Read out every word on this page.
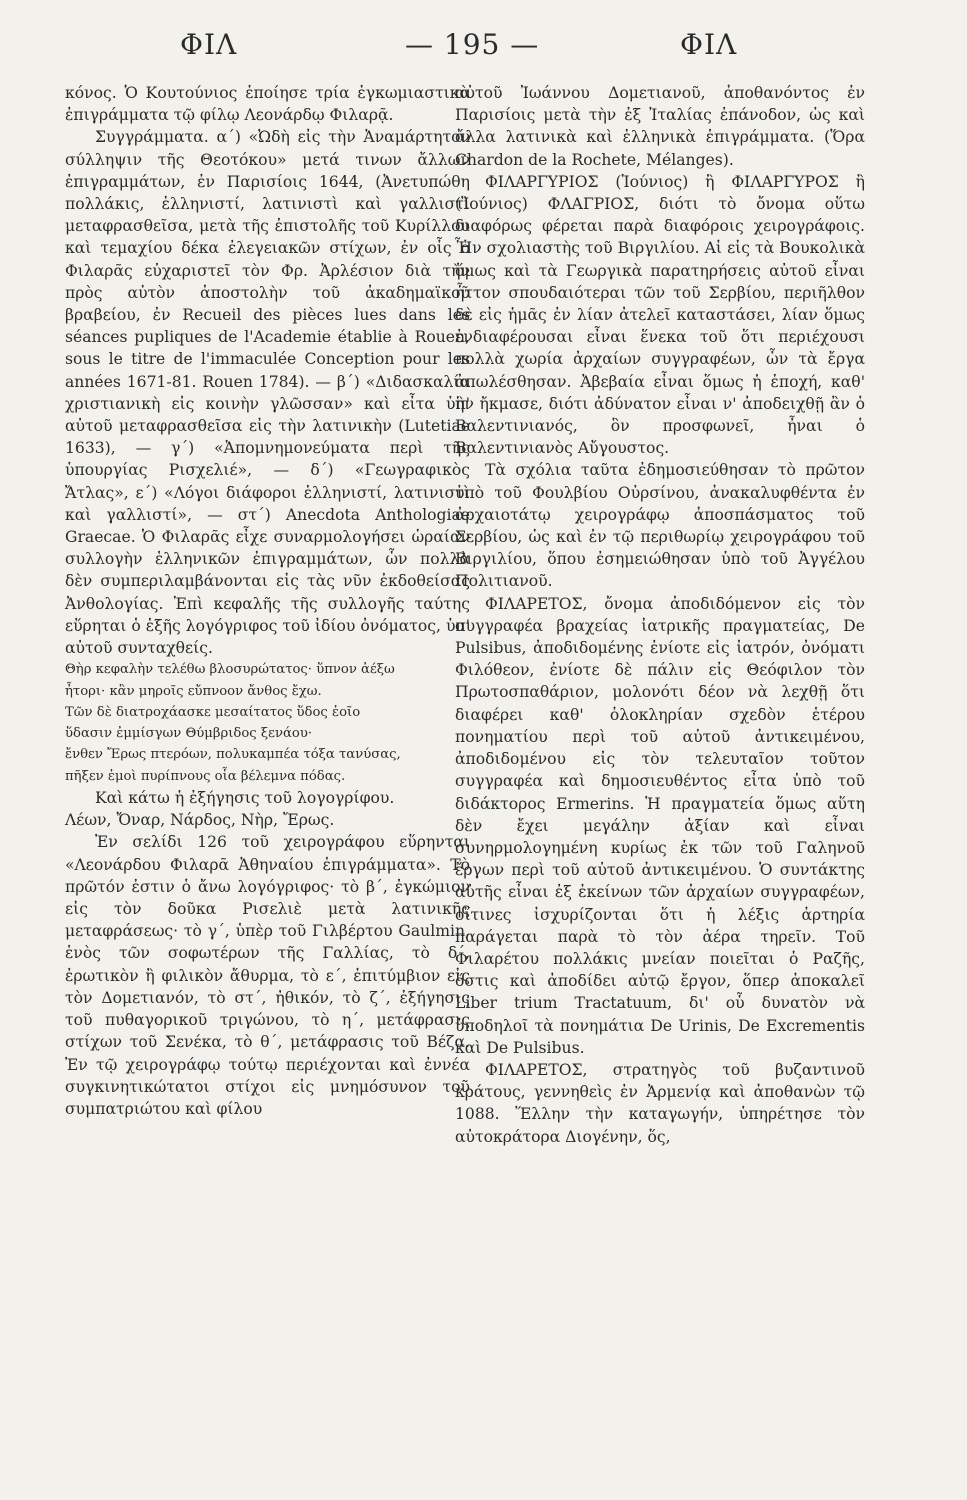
ΦΙΛ	— 195 —	ΦΙΛ

κόνος. Ὁ Κουτούνιος ἐποίησε τρία ἐγκωμιαστικὰ ἐπιγράμματα τῷ φίλῳ Λεονάρδῳ Φιλαρᾷ.

Συγγράμματα. α΄) «Ὠδὴ εἰς τὴν Ἀναμάρτητον σύλληψιν τῆς Θεοτόκου» μετά τινων ἄλλων ἐπιγραμμάτων, ἐν Παρισίοις 1644, (Ἀνετυπώθη πολλάκις, ἑλληνιστί, λατινιστὶ καὶ γαλλιστὶ μεταφρασθεῖσα, μετὰ τῆς ἐπιστολῆς τοῦ Κυρίλλου καὶ τεμαχίου δέκα ἐλεγειακῶν στίχων, ἐν οἷς ὁ Φιλαρᾶς εὐχαριστεῖ τὸν Φρ. Ἀρλέσιον διὰ τὴν πρὸς αὐτὸν ἀποστολὴν τοῦ ἀκαδημαϊκοῦ βραβείου, ἐν Recueil des pièces lues dans les séances pupliques de l'Academie établie à Rouen, sous le titre de l'immaculée Conception pour les années 1671-81. Rouen 1784). — β΄) «Διδασκαλία χριστιανικὴ εἰς κοινὴν γλῶσσαν» καὶ εἶτα ὑπ' αὐτοῦ μεταφρασθεῖσα εἰς τὴν λατινικὴν (Lutetiae 1633), — γ΄) «Ἀπομνημονεύματα περὶ τῆς ὑπουργίας Ρισχελιέ», — δ΄) «Γεωγραφικὸς Ἄτλας», ε΄) «Λόγοι διάφοροι ἑλληνιστί, λατινιστὶ καὶ γαλλιστί», — στ΄) Anecdota Anthologiae Graecae. Ὁ Φιλαρᾶς εἶχε συναρμολογήσει ὡραίαν συλλογὴν ἑλληνικῶν ἐπιγραμμάτων, ὧν πολλὰ δὲν συμπεριλαμβάνονται εἰς τὰς νῦν ἐκδοθείσας Ἀνθολογίας. Ἐπὶ κεφαλῆς τῆς συλλογῆς ταύτης εὕρηται ὁ ἑξῆς λογόγριφος τοῦ ἰδίου ὀνόματος, ὑπ' αὐτοῦ συνταχθείς.

Θὴρ κεφαλὴν τελέθω βλοσυρώτατος· ὕπνον ἀέξω
ἦτορι· κἂν μηροῖς εὔπνοον ἄνθος ἔχω.
Τῶν δὲ διατροχάασκε μεσαίτατος ὕδος ἐοῖο
ὕδασιν ἐμμίσγων Θύμβριδος ξενάου·
ἔνθεν Ἔρως πτερόων, πολυκαμπέα τόξα τανύσας,
πῆξεν ἐμοὶ πυρίπνους οἷα βέλεμνα πόδας.

Καὶ κάτω ἡ ἐξήγησις τοῦ λογογρίφου.

Λέων, Ὄναρ, Νάρδος, Νὴρ, Ἔρως.

Ἐν σελίδι 126 τοῦ χειρογράφου εὕρηνται «Λεονάρδου Φιλαρᾶ Ἀθηναίου ἐπιγράμματα». Τὸ πρῶτόν ἐστιν ὁ ἄνω λογόγριφος· τὸ β΄, ἐγκώμιον εἰς τὸν δοῦκα Ρισελιὲ μετὰ λατινικῆς μεταφράσεως· τὸ γ΄, ὑπὲρ τοῦ Γιλβέρτου Gaulmin, ἑνὸς τῶν σοφωτέρων τῆς Γαλλίας, τὸ δ΄, ἐρωτικὸν ἢ φιλικὸν ἄθυρμα, τὸ ε΄, ἐπιτύμβιον εἰς τὸν Δομετιανόν, τὸ στ΄, ἠθικόν, τὸ ζ΄, ἐξήγησις τοῦ πυθαγορικοῦ τριγώνου, τὸ η΄, μετάφρασις στίχων τοῦ Σενέκα, τὸ θ΄, μετάφρασις τοῦ Βέζα. Ἐν τῷ χειρογράφῳ τούτῳ περιέχονται καὶ ἐννέα συγκινητικώτατοι στίχοι εἰς μνημόσυνον τοῦ συμπατριώτου καὶ φίλου

αὐτοῦ Ἰωάννου Δομετιανοῦ, ἀποθανόντος ἐν Παρισίοις μετὰ τὴν ἐξ Ἰταλίας ἐπάνοδον, ὡς καὶ ἄλλα λατινικὰ καὶ ἑλληνικὰ ἐπιγράμματα. (Ὅρα Chardon de la Rochete, Mélanges).

ΦΙΛΑΡΓΥΡΙΟΣ (Ἰούνιος) ἢ ΦΙΛΑΡΓΥΡΟΣ ἢ (Ἰούνιος) ΦΛΑΓΡΙΟΣ, διότι τὸ ὄνομα οὕτω διαφόρως φέρεται παρὰ διαφόροις χειρογράφοις. Ἦν σχολιαστὴς τοῦ Βιργιλίου. Αἱ εἰς τὰ Βουκολικὰ ὅμως καὶ τὰ Γεωργικὰ παρατηρήσεις αὐτοῦ εἶναι ἧττον σπουδαιότεραι τῶν τοῦ Σερβίου, περιῆλθον δὲ εἰς ἡμᾶς ἐν λίαν ἀτελεῖ καταστάσει, λίαν ὅμως ἐνδιαφέρουσαι εἶναι ἕνεκα τοῦ ὅτι περιέχουσι πολλὰ χωρία ἀρχαίων συγγραφέων, ὧν τὰ ἔργα ἀπωλέσθησαν. Ἀβεβαία εἶναι ὅμως ἡ ἐποχή, καθ' ἣν ἤκμασε, διότι ἀδύνατον εἶναι ν' ἀποδειχθῇ ἂν ὁ Βαλεντινιανός, ὃν προσφωνεῖ, ἦναι ὁ Βαλεντινιανὸς Αὔγουστος.

Τὰ σχόλια ταῦτα ἐδημοσιεύθησαν τὸ πρῶτον ὑπὸ τοῦ Φουλβίου Οὐρσίνου, ἀνακαλυφθέντα ἐν ἀρχαιοτάτῳ χειρογράφῳ ἀποσπάσματος τοῦ Σερβίου, ὡς καὶ ἐν τῷ περιθωρίῳ χειρογράφου τοῦ Βιργιλίου, ὅπου ἐσημειώθησαν ὑπὸ τοῦ Ἀγγέλου Πολιτιανοῦ.

ΦΙΛΑΡΕΤΟΣ, ὄνομα ἀποδιδόμενον εἰς τὸν συγγραφέα βραχείας ἰατρικῆς πραγματείας, De Pulsibus, ἀποδιδομένης ἐνίοτε εἰς ἰατρόν, ὀνόματι Φιλόθεον, ἐνίοτε δὲ πάλιν εἰς Θεόφιλον τὸν Πρωτοσπαθάριον, μολονότι δέον νὰ λεχθῇ ὅτι διαφέρει καθ' ὁλοκληρίαν σχεδὸν ἑτέρου πονηματίου περὶ τοῦ αὐτοῦ ἀντικειμένου, ἀποδιδομένου εἰς τὸν τελευταῖον τοῦτον συγγραφέα καὶ δημοσιευθέντος εἶτα ὑπὸ τοῦ διδάκτορος Ermerins. Ἡ πραγματεία ὅμως αὕτη δὲν ἔχει μεγάλην ἀξίαν καὶ εἶναι συνηρμολογημένη κυρίως ἐκ τῶν τοῦ Γαληνοῦ ἔργων περὶ τοῦ αὐτοῦ ἀντικειμένου. Ὁ συντάκτης αὐτῆς εἶναι ἐξ ἐκείνων τῶν ἀρχαίων συγγραφέων, οἵτινες ἰσχυρίζονται ὅτι ἡ λέξις ἀρτηρία παράγεται παρὰ τὸ τὸν ἀέρα τηρεῖν. Τοῦ Φιλαρέτου πολλάκις μνείαν ποιεῖται ὁ Ραζῆς, ὅστις καὶ ἀποδίδει αὐτῷ ἔργον, ὅπερ ἀποκαλεῖ Liber trium Tractatuum, δι' οὗ δυνατὸν νὰ ὑποδηλοῖ τὰ πονημάτια De Urinis, De Excrementis καὶ De Pulsibus.

ΦΙΛΑΡΕΤΟΣ, στρατηγὸς τοῦ βυζαντινοῦ κράτους, γεννηθεὶς ἐν Ἀρμενίᾳ καὶ ἀποθανὼν τῷ 1088. Ἕλλην τὴν καταγωγήν, ὑπηρέτησε τὸν αὐτοκράτορα Διογένην, ὅς,
